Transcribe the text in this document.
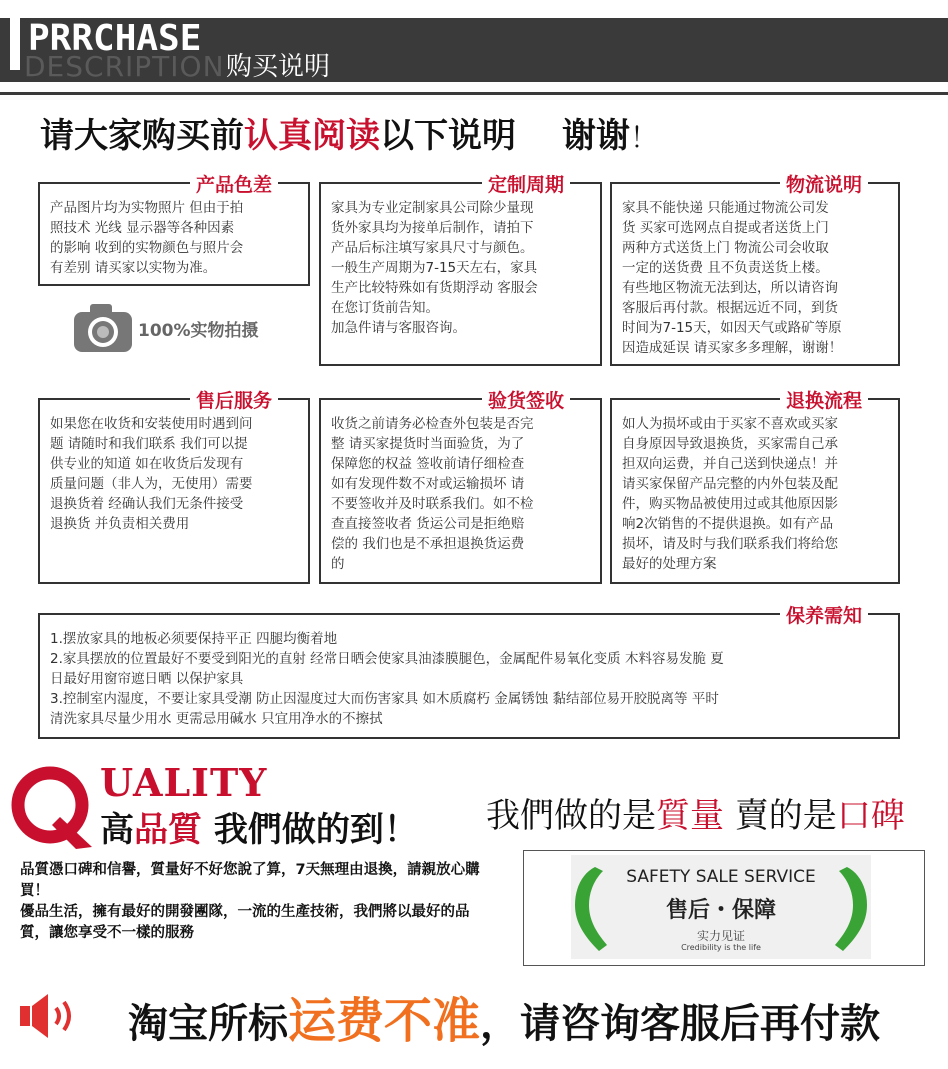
PRRCHASE
DESCRIPTION 购买说明
请大家购买前认真阅读以下说明 谢谢！
产品色差
产品图片均为实物照片 但由于拍
照技术 光线 显示器等各种因素
的影响 收到的实物颜色与照片会
有差别 请买家以实物为准。
100%实物拍摄
定制周期
家具为专业定制家具公司除少量现
货外家具均为接单后制作，请拍下
产品后标注填写家具尺寸与颜色。
一般生产周期为7-15天左右，家具
生产比较特殊如有货期浮动 客服会
在您订货前告知。
加急件请与客服咨询。
物流说明
家具不能快递 只能通过物流公司发
货 买家可选网点自提或者送货上门
两种方式送货上门 物流公司会收取
一定的送货费 且不负责送货上楼。
有些地区物流无法到达，所以请咨询
客服后再付款。根据远近不同，到货
时间为7-15天，如因天气或路矿等原
因造成延误 请买家多多理解，谢谢！
售后服务
如果您在收货和安装使用时遇到问
题 请随时和我们联系 我们可以提
供专业的知道 如在收货后发现有
质量问题（非人为，无使用）需要
退换货着 经确认我们无条件接受
退换货 并负责相关费用
验货签收
收货之前请务必检查外包装是否完
整 请买家提货时当面验货，为了
保障您的权益 签收前请仔细检查
如有发现件数不对或运输损坏 请
不要签收并及时联系我们。如不检
查直接签收者 货运公司是拒绝赔
偿的 我们也是不承担退换货运费
的
退换流程
如人为损坏或由于买家不喜欢或买家
自身原因导致退换货，买家需自己承
担双向运费，并自己送到快递点！并
请买家保留产品完整的内外包装及配
件，购买物品被使用过或其他原因影
响2次销售的不提供退换。如有产品
损坏，请及时与我们联系我们将给您
最好的处理方案
保养需知
1.摆放家具的地板必须要保持平正 四腿均衡着地
2.家具摆放的位置最好不要受到阳光的直射 经常日晒会使家具油漆膜腿色，金属配件易氧化变质 木料容易发脆 夏
日最好用窗帘遮日晒 以保护家具
3.控制室内湿度，不要让家具受潮 防止因湿度过大而伤害家具 如木质腐朽 金属锈蚀 黏结部位易开胶脱离等 平时
清洗家具尽量少用水 更需忌用碱水 只宜用净水的不擦拭
UALITY
高品質 我們做的到！ 我們做的是質量 賣的是口碑
品質憑口碑和信譽，質量好不好您說了算，7天無理由退換，請親放心購買！
優品生活，擁有最好的開發團隊，一流的生產技術，我們將以最好的品質，讓您享受不一樣的服務
SAFETY SALE SERVICE
售后・保障
实力见证
Credibility is the life
淘宝所标运费不准，请咨询客服后再付款
